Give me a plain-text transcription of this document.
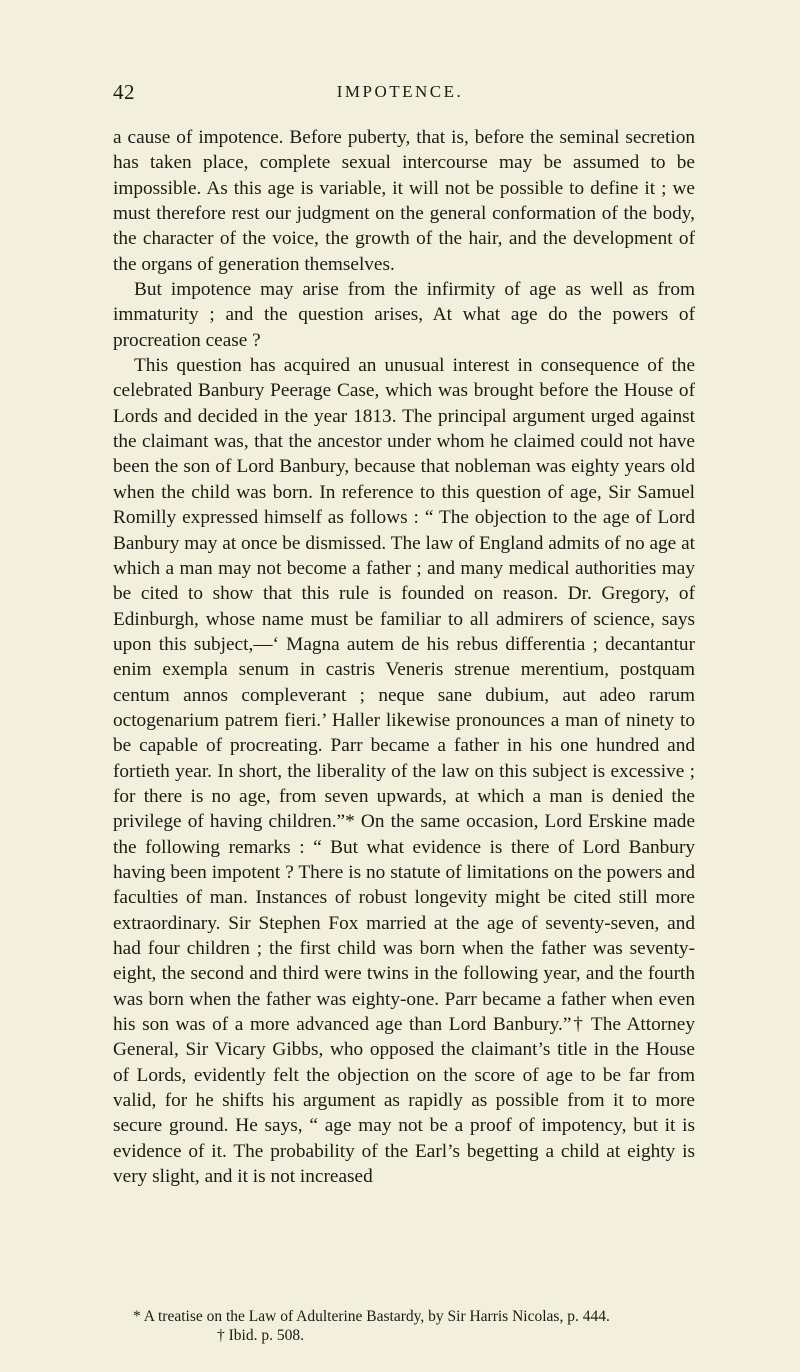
42	IMPOTENCE.

a cause of impotence. Before puberty, that is, before the seminal secretion has taken place, complete sexual intercourse may be assumed to be impossible. As this age is variable, it will not be possible to define it ; we must therefore rest our judgment on the general conformation of the body, the character of the voice, the growth of the hair, and the development of the organs of generation themselves.

But impotence may arise from the infirmity of age as well as from immaturity ; and the question arises, At what age do the powers of procreation cease ?

This question has acquired an unusual interest in consequence of the celebrated Banbury Peerage Case, which was brought before the House of Lords and decided in the year 1813. The principal argument urged against the claimant was, that the ancestor under whom he claimed could not have been the son of Lord Banbury, because that nobleman was eighty years old when the child was born. In reference to this question of age, Sir Samuel Romilly expressed himself as follows : “ The objection to the age of Lord Banbury may at once be dismissed. The law of England admits of no age at which a man may not become a father ; and many medical authorities may be cited to show that this rule is founded on reason. Dr. Gregory, of Edinburgh, whose name must be familiar to all admirers of science, says upon this subject,—‘ Magna autem de his rebus differentia ; decantantur enim exempla senum in castris Veneris strenue merentium, postquam centum annos compleverant ; neque sane dubium, aut adeo rarum octogenarium patrem fieri.’ Haller likewise pronounces a man of ninety to be capable of procreating. Parr became a father in his one hundred and fortieth year. In short, the liberality of the law on this subject is excessive ; for there is no age, from seven upwards, at which a man is denied the privilege of having children.”* On the same occasion, Lord Erskine made the following remarks : “ But what evidence is there of Lord Banbury having been impotent ? There is no statute of limitations on the powers and faculties of man. Instances of robust longevity might be cited still more extraordinary. Sir Stephen Fox married at the age of seventy-seven, and had four children ; the first child was born when the father was seventy-eight, the second and third were twins in the following year, and the fourth was born when the father was eighty-one. Parr became a father when even his son was of a more advanced age than Lord Banbury.”† The Attorney General, Sir Vicary Gibbs, who opposed the claimant’s title in the House of Lords, evidently felt the objection on the score of age to be far from valid, for he shifts his argument as rapidly as possible from it to more secure ground. He says, “ age may not be a proof of impotency, but it is evidence of it. The probability of the Earl’s begetting a child at eighty is very slight, and it is not increased

* A treatise on the Law of Adulterine Bastardy, by Sir Harris Nicolas, p. 444.

† Ibid. p. 508.
